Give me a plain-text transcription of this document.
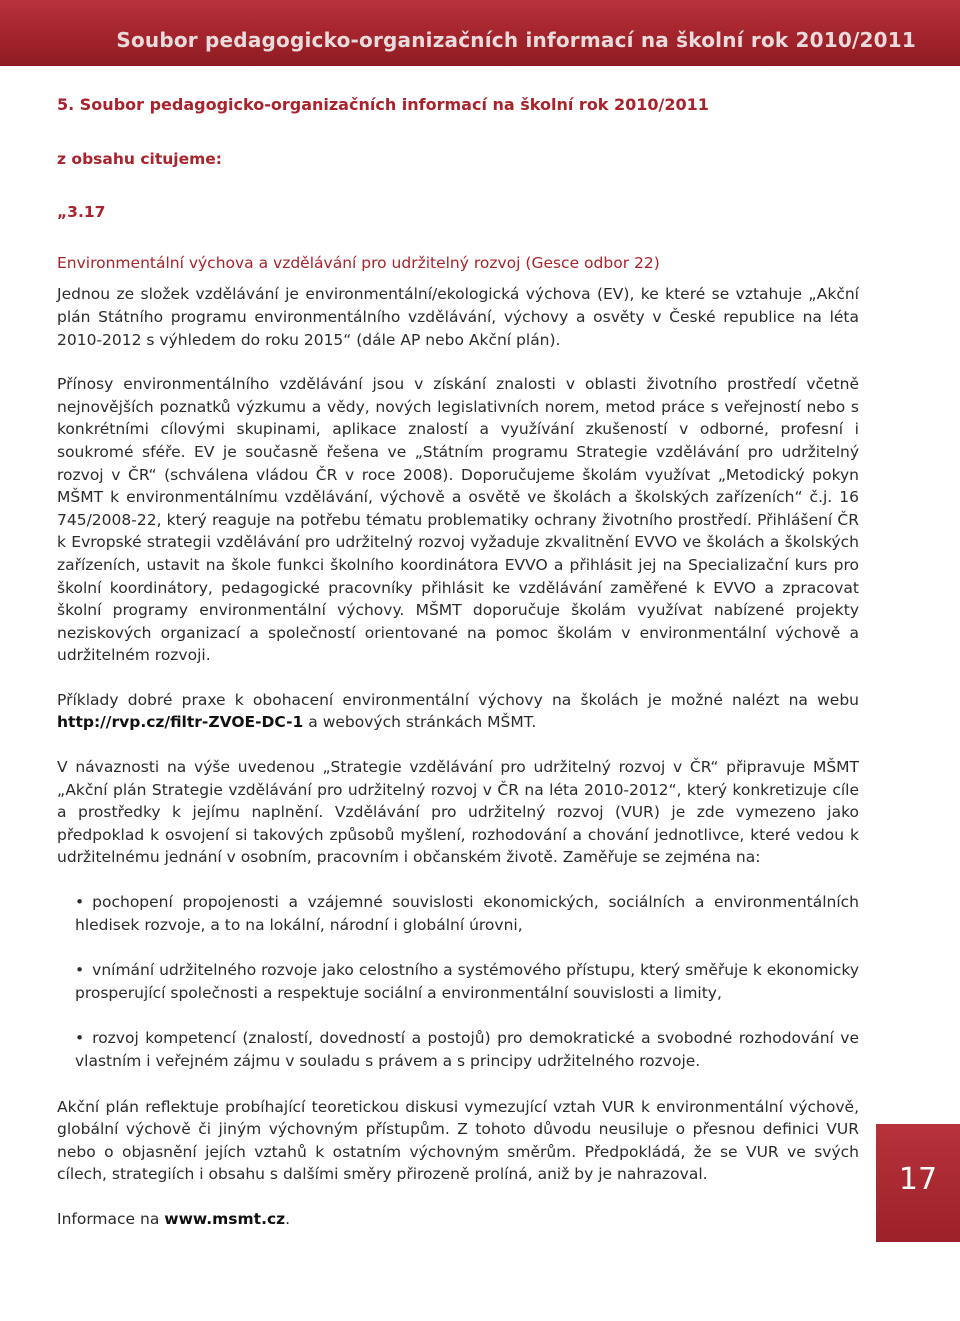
Soubor pedagogicko-organizačních informací na školní rok 2010/2011
5. Soubor pedagogicko-organizačních informací na školní rok 2010/2011
z obsahu citujeme:
„3.17
Environmentální výchova a vzdělávání pro udržitelný rozvoj (Gesce odbor 22)

Jednou ze složek vzdělávání je environmentální/ekologická výchova (EV), ke které se vztahuje „Akční plán Státního programu environmentálního vzdělávání, výchovy a osvěty v České republice na léta 2010-2012 s výhledem do roku 2015“ (dále AP nebo Akční plán).

Přínosy environmentálního vzdělávání jsou v získání znalosti v oblasti životního prostředí včetně nejnovějších poznatků výzkumu a vědy, nových legislativních norem, metod práce s veřejností nebo s konkrétními cílovými skupinami, aplikace znalostí a využívání zkušeností v odborné, profesní i soukromé sféře. EV je současně řešena ve „Státním programu Strategie vzdělávání pro udržitelný rozvoj v ČR“ (schválena vládou ČR v roce 2008). Doporučujeme školám využívat „Metodický pokyn MŠMT k environmentálnímu vzdělávání, výchově a osvětě ve školách a školských zařízeních“ č.j. 16 745/2008-22, který reaguje na potřebu tématu problematiky ochrany životního prostředí. Přihlášení ČR k Evropské strategii vzdělávání pro udržitelný rozvoj vyžaduje zkvalitnění EVVO ve školách a školských zařízeních, ustavit na škole funkci školního koordinátora EVVO a přihlásit jej na Specializační kurs pro školní koordinátory, pedagogické pracovníky přihlásit ke vzdělávání zaměřené k EVVO a zpracovat školní programy environmentální výchovy. MŠMT doporučuje školám využívat nabízené projekty neziskových organizací a společností orientované na pomoc školám v environmentální výchově a udržitelném rozvoji.

Příklady dobré praxe k obohacení environmentální výchovy na školách je možné nalézt na webu http://rvp.cz/filtr-ZVOE-DC-1 a webových stránkách MŠMT.

V návaznosti na výše uvedenou „Strategie vzdělávání pro udržitelný rozvoj v ČR“ připravuje MŠMT „Akční plán Strategie vzdělávání pro udržitelný rozvoj v ČR na léta 2010-2012“, který konkretizuje cíle a prostředky k jejímu naplnění. Vzdělávání pro udržitelný rozvoj (VUR) je zde vymezeno jako předpoklad k osvojení si takových způsobů myšlení, rozhodování a chování jednotlivce, které vedou k udržitelnému jednání v osobním, pracovním i občanském životě. Zaměřuje se zejména na:

• pochopení propojenosti a vzájemné souvislosti ekonomických, sociálních a environmentálních hledisek rozvoje, a to na lokální, národní i globální úrovni,
• vnímání udržitelného rozvoje jako celostního a systémového přístupu, který směřuje k ekonomicky prosperující společnosti a respektuje sociální a environmentální souvislosti a limity,
• rozvoj kompetencí (znalostí, dovedností a postojů) pro demokratické a svobodné rozhodování ve vlastním i veřejném zájmu v souladu s právem a s principy udržitelného rozvoje.

Akční plán reflektuje probíhající teoretickou diskusi vymezující vztah VUR k environmentální výchově, globální výchově či jiným výchovným přístupům. Z tohoto důvodu neusiluje o přesnou definici VUR nebo o objasnění jejích vztahů k ostatním výchovným směrům. Předpokládá, že se VUR ve svých cílech, strategiích i obsahu s dalšími směry přirozeně prolíná, aniž by je nahrazoval.

Informace na www.msmt.cz.

17
